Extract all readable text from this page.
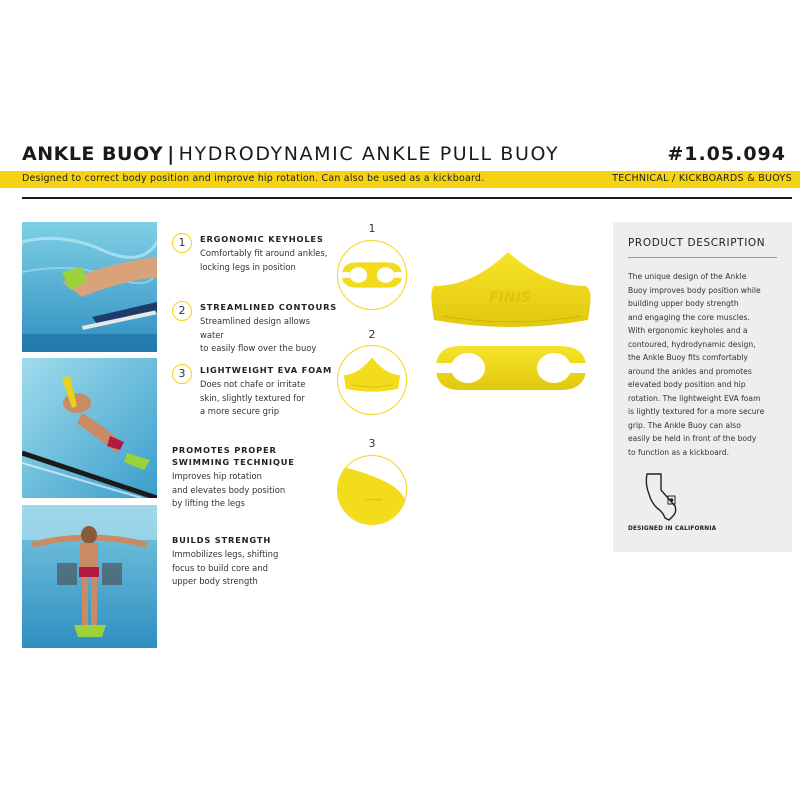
ANKLE BUOY | HYDRODYNAMIC ANKLE PULL BUOY	#1.05.094
Designed to correct body position and improve hip rotation. Can also be used as a kickboard.	TECHNICAL / KICKBOARDS & BUOYS
1	ERGONOMIC KEYHOLES
Comfortably fit around ankles,
locking legs in position
2	STREAMLINED CONTOURS
Streamlined design allows water
to easily flow over the buoy
3	LIGHTWEIGHT EVA FOAM
Does not chafe or irritate
skin, slightly textured for
a more secure grip
PROMOTES PROPER
SWIMMING TECHNIQUE
Improves hip rotation
and elevates body position
by lifting the legs
BUILDS STRENGTH
Immobilizes legs, shifting
focus to build core and
upper body strength
1
2
3
FINIS
PRODUCT DESCRIPTION
The unique design of the Ankle
Buoy improves body position while
building upper body strength
and engaging the core muscles.
With ergonomic keyholes and a
contoured, hydrodynamic design,
the Ankle Buoy fits comfortably
around the ankles and promotes
elevated body position and hip
rotation. The lightweight EVA foam
is lightly textured for a more secure
grip. The Ankle Buoy can also
easily be held in front of the body
to function as a kickboard.
DESIGNED IN CALIFORNIA
